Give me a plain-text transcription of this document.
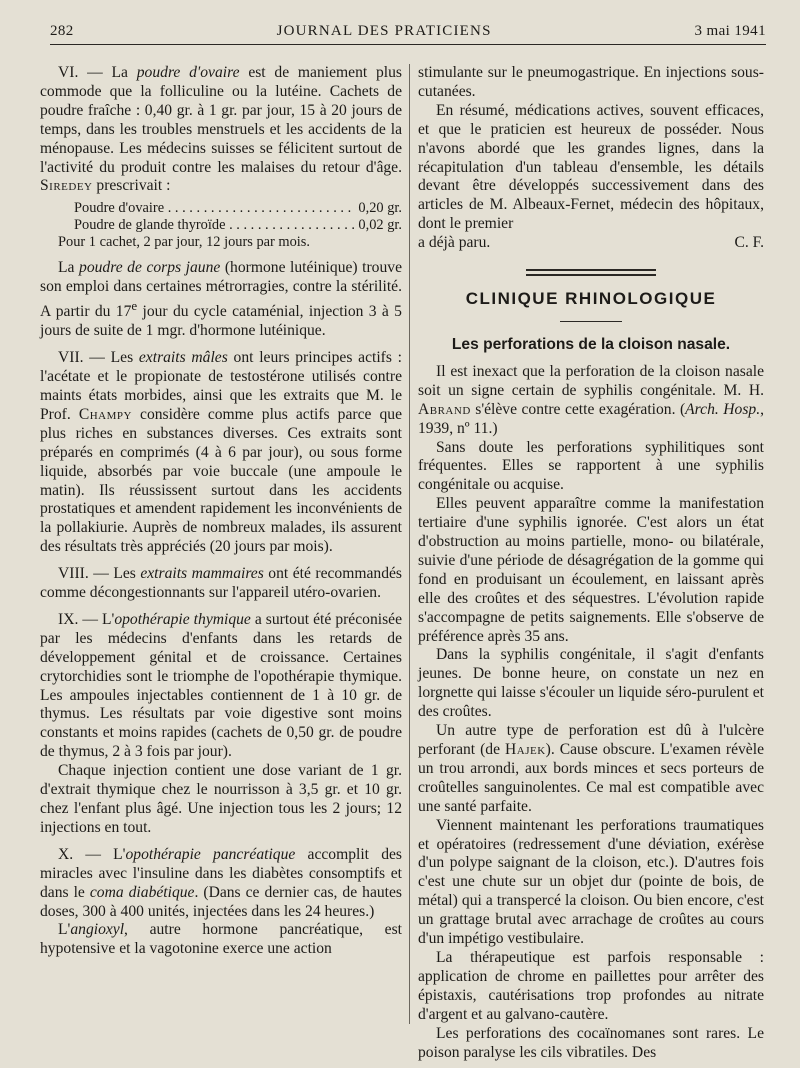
282	JOURNAL DES PRATICIENS	3 mai 1941

VI. — La poudre d'ovaire est de maniement plus commode que la folliculine ou la lutéine. Cachets de poudre fraîche : 0,40 gr. à 1 gr. par jour, 15 à 20 jours de temps, dans les troubles menstruels et les accidents de la ménopause. Les médecins suisses se félicitent surtout de l'activité du produit contre les malaises du retour d'âge. Siredey prescrivait :

Poudre d'ovaire . . .	0,20 gr.
Poudre de glande thyroïde . . .	0,02 gr.
Pour 1 cachet, 2 par jour, 12 jours par mois.

La poudre de corps jaune (hormone lutéinique) trouve son emploi dans certaines métrorragies, contre la stérilité. A partir du 17e jour du cycle cataménial, injection 3 à 5 jours de suite de 1 mgr. d'hormone lutéinique.

VII. — Les extraits mâles ont leurs principes actifs : l'acétate et le propionate de testostérone utilisés contre maints états morbides, ainsi que les extraits que M. le Prof. Champy considère comme plus actifs parce que plus riches en substances diverses. Ces extraits sont préparés en comprimés (4 à 6 par jour), ou sous forme liquide, absorbés par voie buccale (une ampoule le matin). Ils réussissent surtout dans les accidents prostatiques et amendent rapidement les inconvénients de la pollakiurie. Auprès de nombreux malades, ils assurent des résultats très appréciés (20 jours par mois).

VIII. — Les extraits mammaires ont été recommandés comme décongestionnants sur l'appareil utéro-ovarien.

IX. — L'opothérapie thymique a surtout été préconisée par les médecins d'enfants dans les retards de développement génital et de croissance. Certaines crytorchidies sont le triomphe de l'opothérapie thymique. Les ampoules injectables contiennent de 1 à 10 gr. de thymus. Les résultats par voie digestive sont moins constants et moins rapides (cachets de 0,50 gr. de poudre de thymus, 2 à 3 fois par jour).

Chaque injection contient une dose variant de 1 gr. d'extrait thymique chez le nourrisson à 3,5 gr. et 10 gr. chez l'enfant plus âgé. Une injection tous les 2 jours; 12 injections en tout.

X. — L'opothérapie pancréatique accomplit des miracles avec l'insuline dans les diabètes consomptifs et dans le coma diabétique. (Dans ce dernier cas, de hautes doses, 300 à 400 unités, injectées dans les 24 heures.)

L'angioxyl, autre hormone pancréatique, est hypotensive et la vagotonine exerce une action

stimulante sur le pneumogastrique. En injections sous-cutanées.

En résumé, médications actives, souvent efficaces, et que le praticien est heureux de posséder. Nous n'avons abordé que les grandes lignes, dans la récapitulation d'un tableau d'ensemble, les détails devant être développés successivement dans des articles de M. Albeaux-Fernet, médecin des hôpitaux, dont le premier

a déjà paru.	C. F.

CLINIQUE RHINOLOGIQUE
Les perforations de la cloison nasale.

Il est inexact que la perforation de la cloison nasale soit un signe certain de syphilis congénitale. M. H. Abrand s'élève contre cette exagération. (Arch. Hosp., 1939, nº 11.)

Sans doute les perforations syphilitiques sont fréquentes. Elles se rapportent à une syphilis congénitale ou acquise.

Elles peuvent apparaître comme la manifestation tertiaire d'une syphilis ignorée. C'est alors un état d'obstruction au moins partielle, mono- ou bilatérale, suivie d'une période de désagrégation de la gomme qui fond en produisant un écoulement, en laissant après elle des croûtes et des séquestres. L'évolution rapide s'accompagne de petits saignements. Elle s'observe de préférence après 35 ans.

Dans la syphilis congénitale, il s'agit d'enfants jeunes. De bonne heure, on constate un nez en lorgnette qui laisse s'écouler un liquide séro-purulent et des croûtes.

Un autre type de perforation est dû à l'ulcère perforant (de Hajek). Cause obscure. L'examen révèle un trou arrondi, aux bords minces et secs porteurs de croûtelles sanguinolentes. Ce mal est compatible avec une santé parfaite.

Viennent maintenant les perforations traumatiques et opératoires (redressement d'une déviation, exérèse d'un polype saignant de la cloison, etc.). D'autres fois c'est une chute sur un objet dur (pointe de bois, de métal) qui a transpercé la cloison. Ou bien encore, c'est un grattage brutal avec arrachage de croûtes au cours d'un impétigo vestibulaire.

La thérapeutique est parfois responsable : application de chrome en paillettes pour arrêter des épistaxis, cautérisations trop profondes au nitrate d'argent et au galvano-cautère.

Les perforations des cocaïnomanes sont rares. Le poison paralyse les cils vibratiles. Des
